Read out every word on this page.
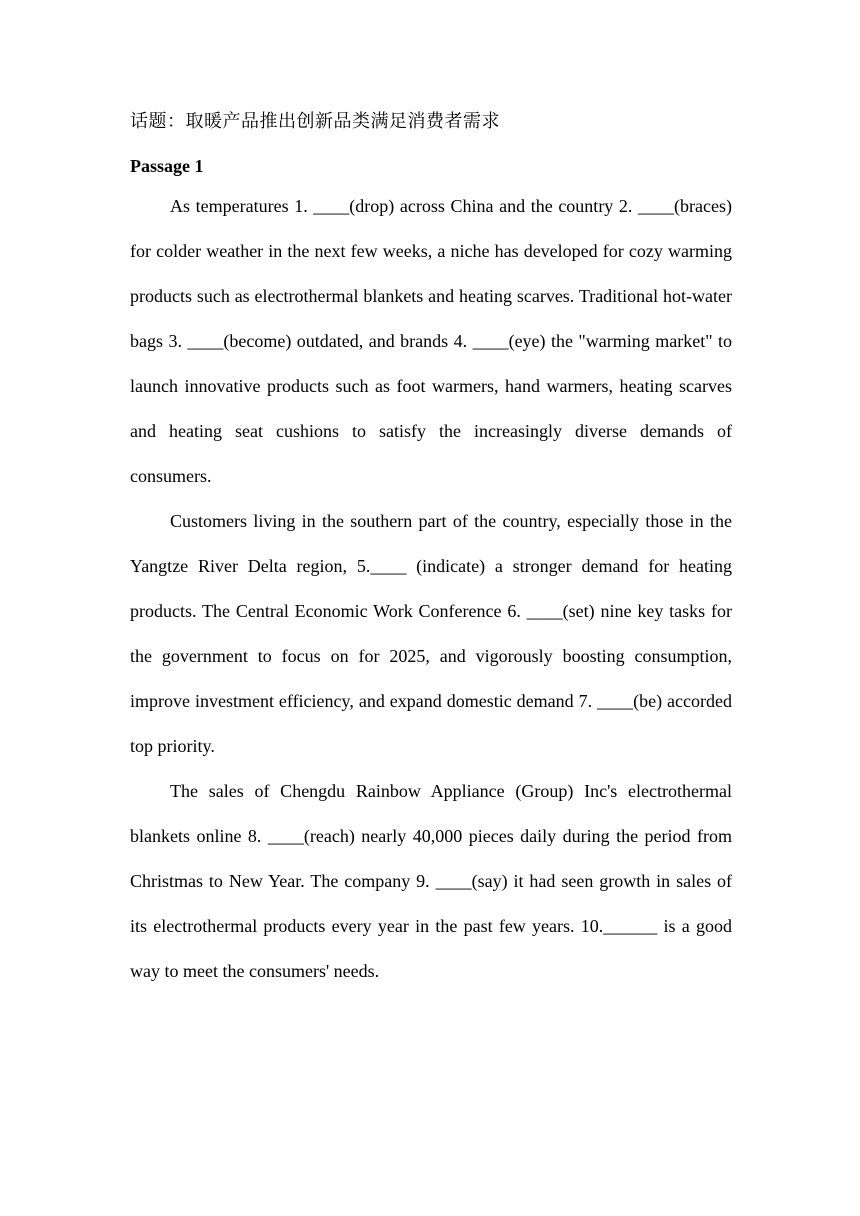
话题：取暖产品推出创新品类满足消费者需求

Passage 1

As temperatures 1. ____(drop) across China and the country 2. ____(braces) for colder weather in the next few weeks, a niche has developed for cozy warming products such as electrothermal blankets and heating scarves. Traditional hot-water bags 3. ____(become) outdated, and brands 4. ____(eye) the "warming market" to launch innovative products such as foot warmers, hand warmers, heating scarves and heating seat cushions to satisfy the increasingly diverse demands of consumers.

Customers living in the southern part of the country, especially those in the Yangtze River Delta region, 5.____ (indicate) a stronger demand for heating products. The Central Economic Work Conference 6. ____(set) nine key tasks for the government to focus on for 2025, and vigorously boosting consumption, improve investment efficiency, and expand domestic demand 7. ____(be) accorded top priority.

The sales of Chengdu Rainbow Appliance (Group) Inc's electrothermal blankets online 8. ____(reach) nearly 40,000 pieces daily during the period from Christmas to New Year. The company 9. ____(say) it had seen growth in sales of its electrothermal products every year in the past few years. 10.______ is a good way to meet the consumers' needs.
